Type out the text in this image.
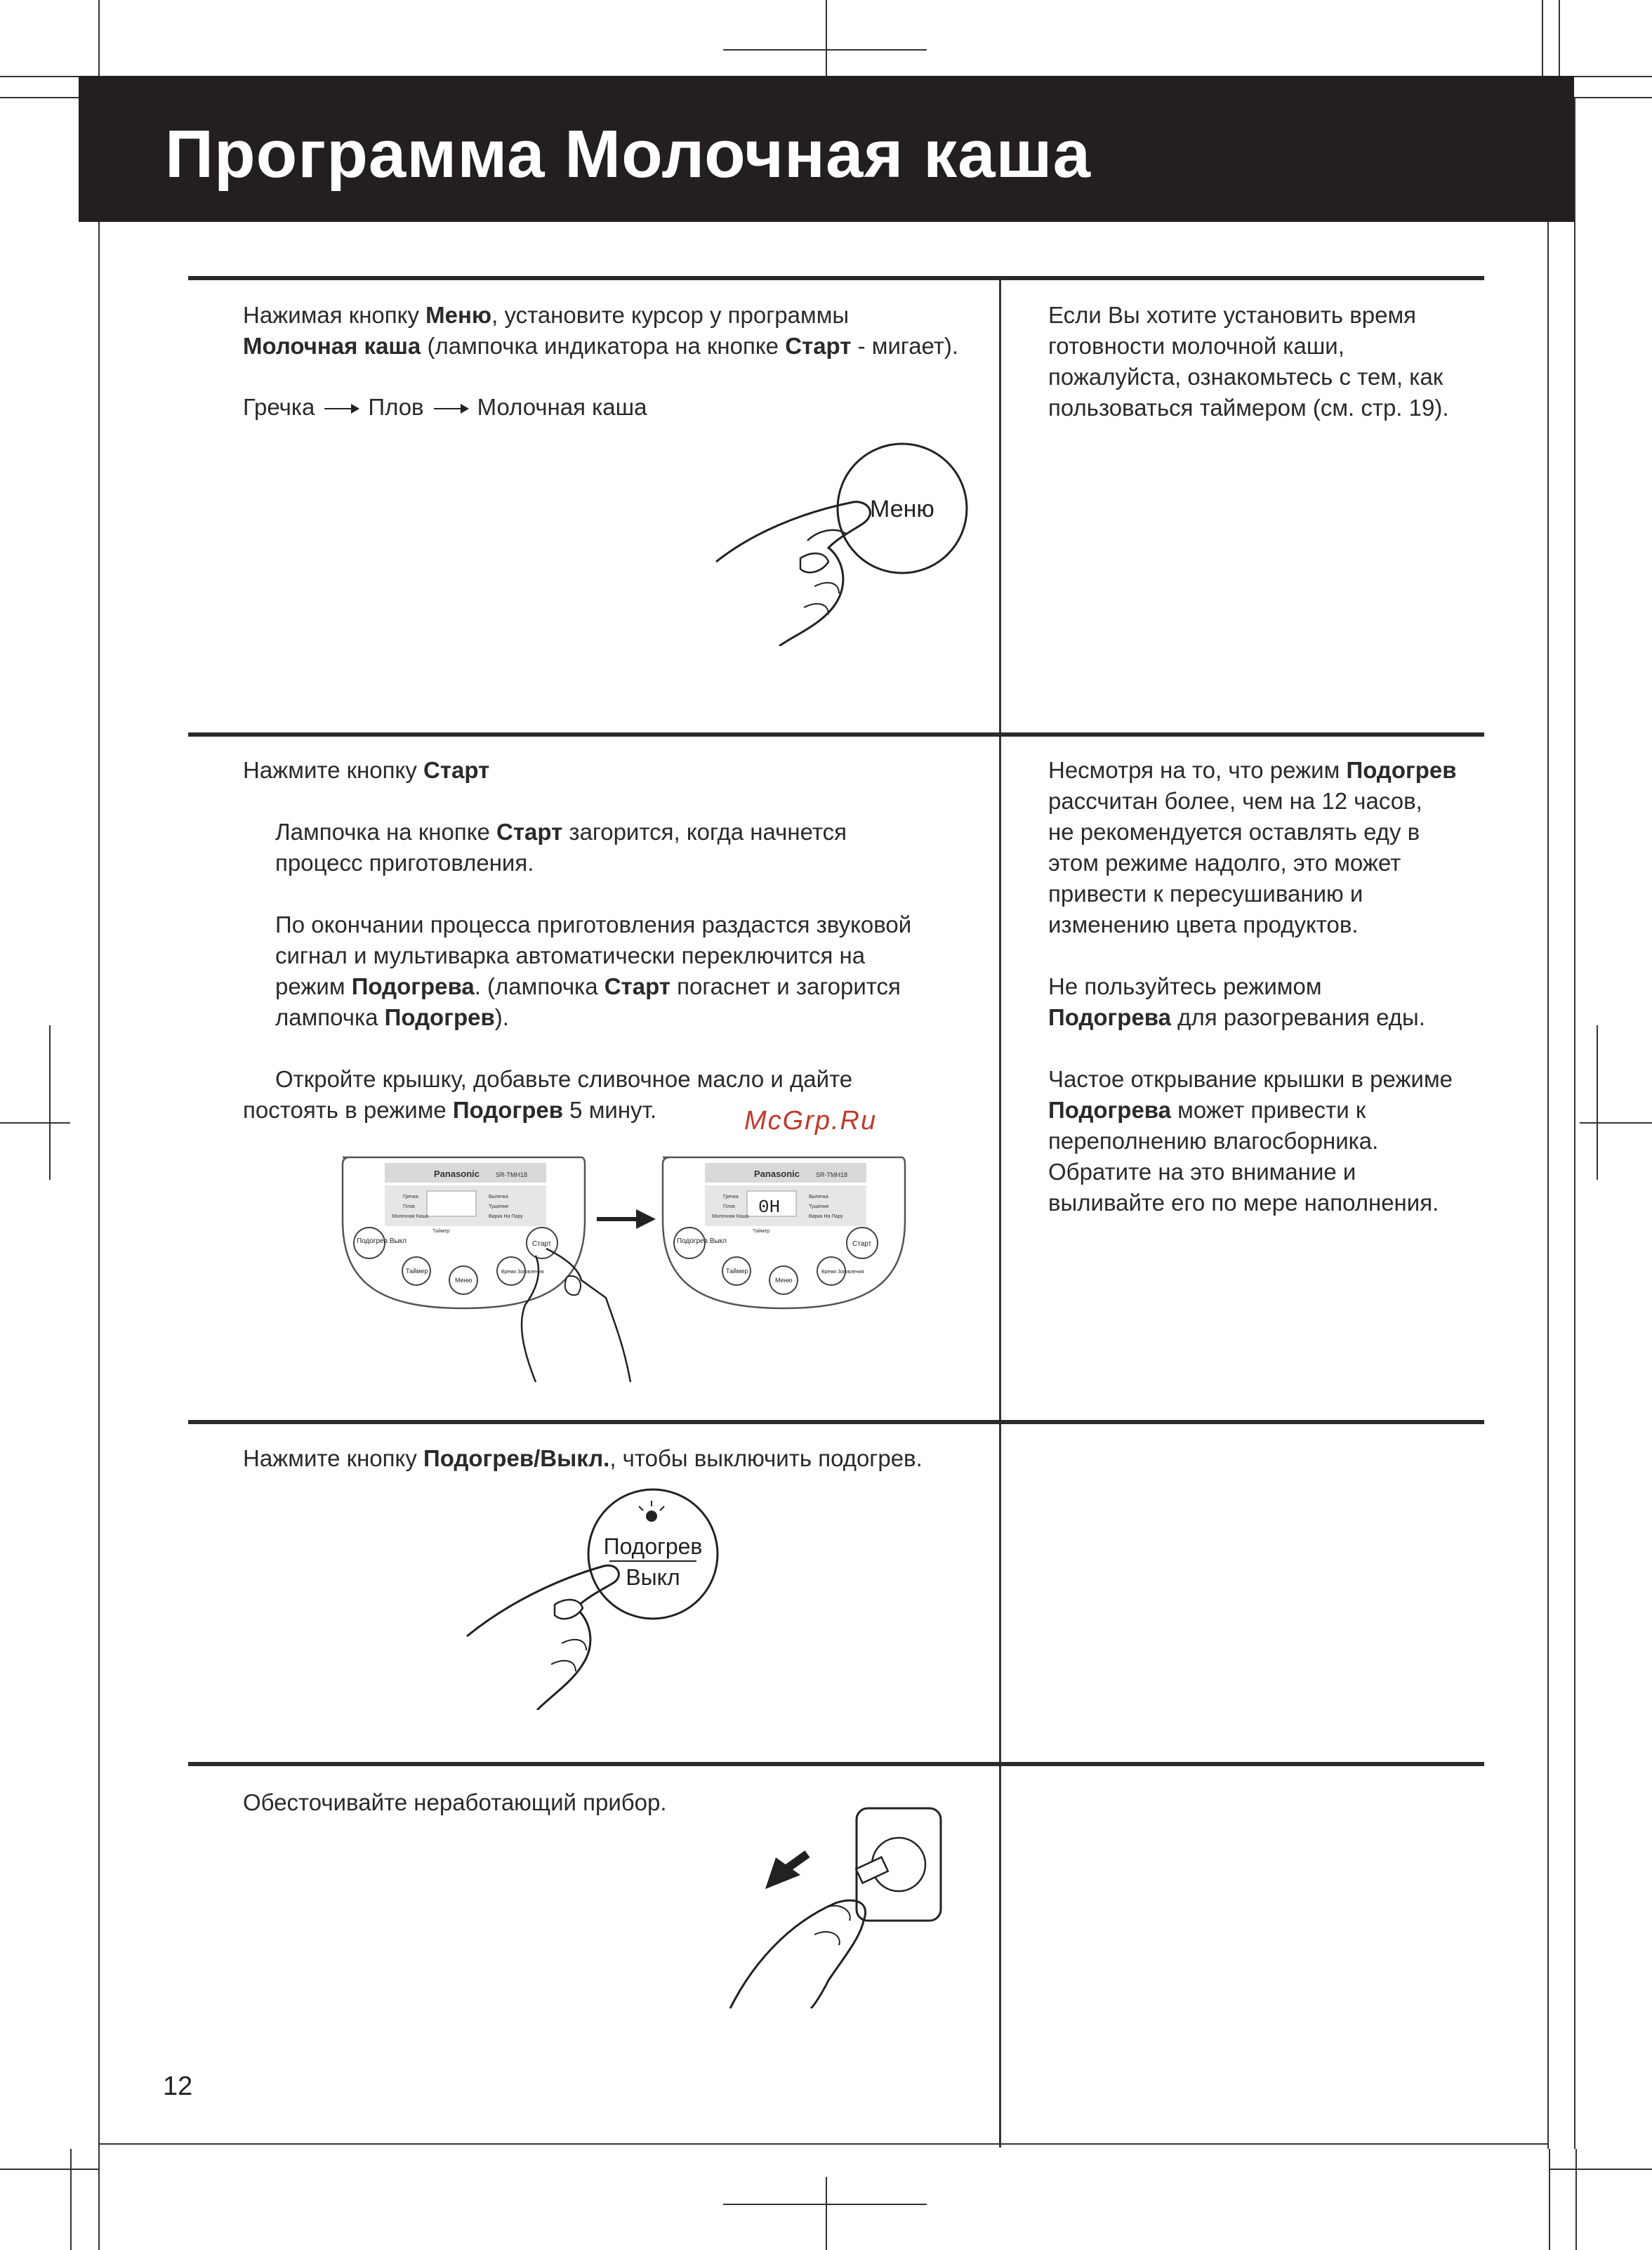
Программа Молочная каша
Нажимая кнопку Меню, установите курсор у программы
Молочная каша (лампочка индикатора на кнопке Старт - мигает).
Гречка Плов Молочная каша
Если Вы хотите установить время
готовности молочной каши,
пожалуйста, ознакомьтесь с тем, как
пользоваться таймером (см. стр. 19).
Меню
Нажмите кнопку Старт
Лампочка на кнопке Старт загорится, когда начнется
процесс приготовления.
По окончании процесса приготовления раздастся звуковой
сигнал и мультиварка автоматически переключится на
режим Подогрева. (лампочка Старт погаснет и загорится
лампочка Подогрев).
Откройте крышку, добавьте сливочное масло и дайте
постоять в режиме Подогрев 5 минут.	McGrp.Ru
Несмотря на то, что режим Подогрев
рассчитан более, чем на 12 часов,
не рекомендуется оставлять еду в
этом режиме надолго, это может
привести к пересушиванию и
изменению цвета продуктов.
Не пользуйтесь режимом
Подогрева для разогревания еды.
Частое открывание крышки в режиме
Подогрева может привести к
переполнению влагосборника.
Обратите на это внимание и
выливайте его по мере наполнения.
Panasonic	SR-TMH18
Гречка
Плов
Молочная Каша
Выпечка
Тушение
Варка На Пару
Таймер
Подогрев Выкл	Старт
Таймер
Меню
Время Зоговления
Panasonic	SR-TMH18
0H
Гречка
Плов
Молочная Каша
Выпечка
Тушение
Варка На Пару
Таймер
Подогрев Выкл	Старт
Таймер
Меню
Время Зоговления
Нажмите кнопку Подогрев/Выкл., чтобы выключить подогрев.
Подогрев
Выкл
Обесточивайте неработающий прибор.
12
